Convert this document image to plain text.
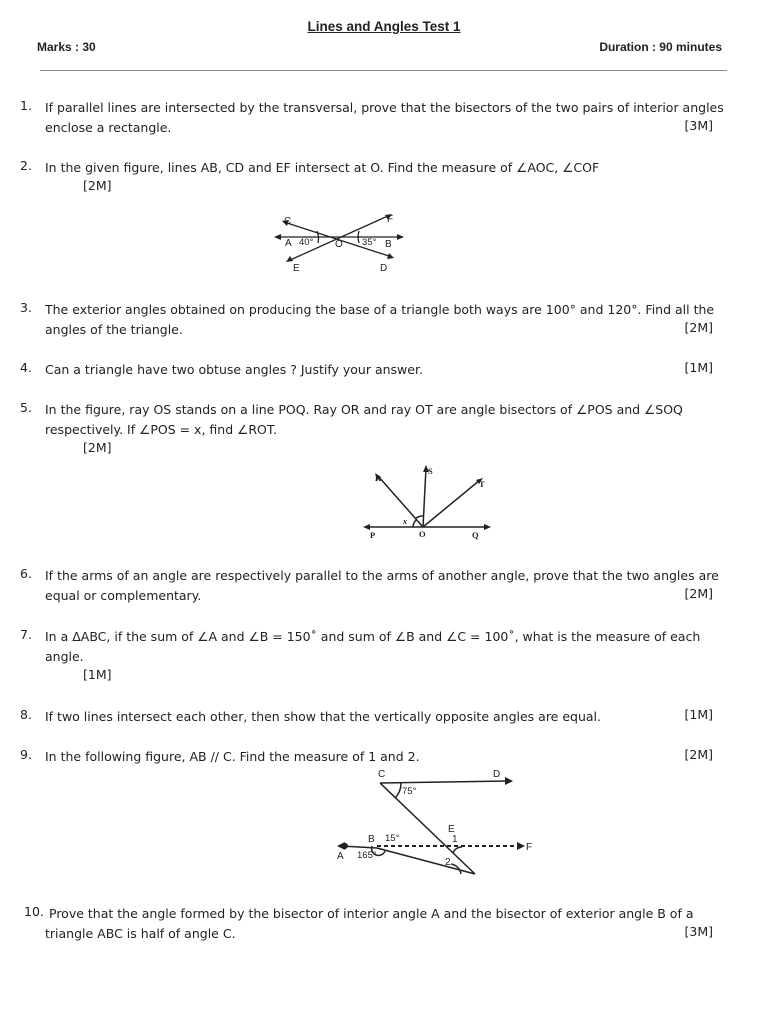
Lines and Angles Test 1
Marks : 30	Duration : 90 minutes
1. If parallel lines are intersected by the transversal, prove that the bisectors of the two pairs of interior angles
enclose a rectangle.	[3M]
2. In the given figure, lines AB, CD and EF intersect at O. Find the measure of ∠AOC, ∠COF
[2M]
C	F
A 40° O 35° B
E	D
3. The exterior angles obtained on producing the base of a triangle both ways are 100° and 120°. Find all the
angles of the triangle.	[2M]
4. Can a triangle have two obtuse angles ? Justify your answer.	[1M]
5. In the figure, ray OS stands on a line POQ. Ray OR and ray OT are angle bisectors of ∠POS and ∠SOQ
respectively. If ∠POS = x, find ∠ROT.
[2M]
R
S
T
x
P	O	Q
6. If the arms of an angle are respectively parallel to the arms of another angle, prove that the two angles are
equal or complementary.	[2M]
7. In a ΔABC, if the sum of ∠A and ∠B = 150˚ and sum of ∠B and ∠C = 100˚, what is the measure of each
angle.
[1M]
8. If two lines intersect each other, then show that the vertically opposite angles are equal.	[1M]
9. In the following figure, AB // C. Find the measure of 1 and 2.	[2M]
C	D
75°
E
1
B 15°
F
A 165°
2
10. Prove that the angle formed by the bisector of interior angle A and the bisector of exterior angle B of a
triangle ABC is half of angle C.	[3M]
